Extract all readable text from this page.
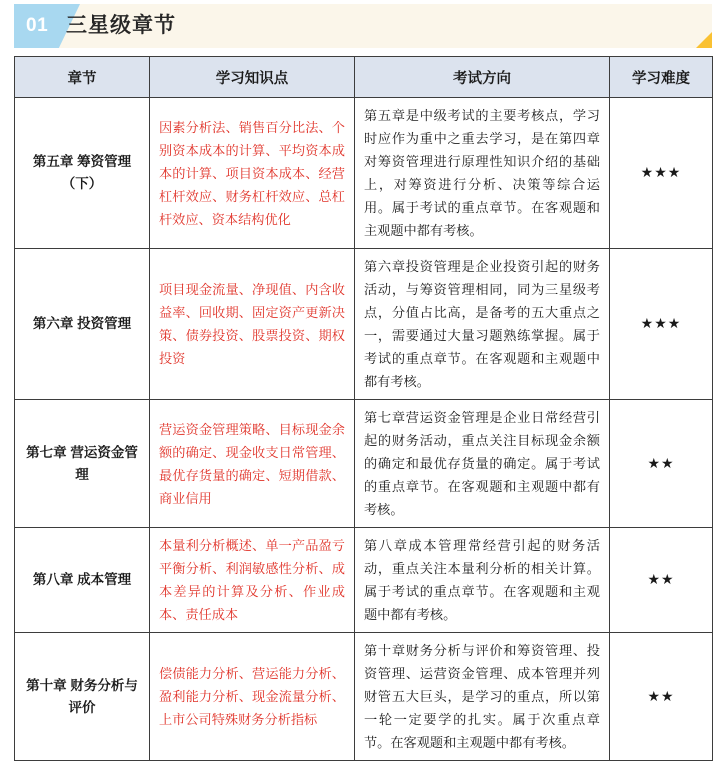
01 三星级章节
章节	学习知识点	考试方向	学习难度
第五章 筹资管理（下）	因素分析法、销售百分比法、个别资本成本的计算、平均资本成本的计算、项目资本成本、经营杠杆效应、财务杠杆效应、总杠杆效应、资本结构优化	第五章是中级考试的主要考核点，学习时应作为重中之重去学习，是在第四章对筹资管理进行原理性知识介绍的基础上，对筹资进行分析、决策等综合运用。属于考试的重点章节。在客观题和主观题中都有考核。	★★★
第六章 投资管理	项目现金流量、净现值、内含收益率、回收期、固定资产更新决策、债券投资、股票投资、期权投资	第六章投资管理是企业投资引起的财务活动，与筹资管理相同，同为三星级考点，分值占比高，是备考的五大重点之一，需要通过大量习题熟练掌握。属于考试的重点章节。在客观题和主观题中都有考核。	★★★
第七章 营运资金管理	营运资金管理策略、目标现金余额的确定、现金收支日常管理、最优存货量的确定、短期借款、商业信用	第七章营运资金管理是企业日常经营引起的财务活动，重点关注目标现金余额的确定和最优存货量的确定。属于考试的重点章节。在客观题和主观题中都有考核。	★★
第八章 成本管理	本量利分析概述、单一产品盈亏平衡分析、利润敏感性分析、成本差异的计算及分析、作业成本、责任成本	第八章成本管理常经营引起的财务活动，重点关注本量利分析的相关计算。属于考试的重点章节。在客观题和主观题中都有考核。	★★
第十章 财务分析与评价	偿债能力分析、营运能力分析、盈利能力分析、现金流量分析、上市公司特殊财务分析指标	第十章财务分析与评价和筹资管理、投资管理、运营资金管理、成本管理并列财管五大巨头，是学习的重点，所以第一轮一定要学的扎实。属于次重点章节。在客观题和主观题中都有考核。	★★
